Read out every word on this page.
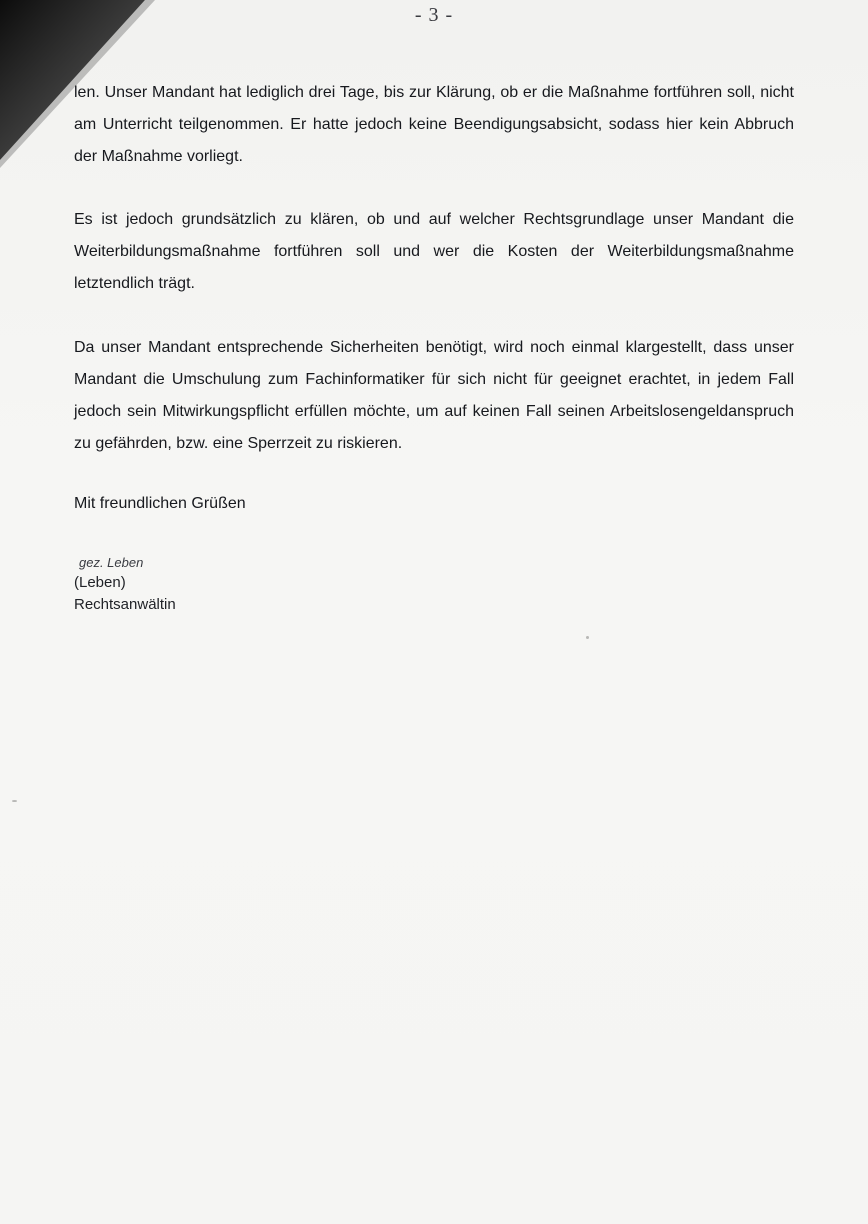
- 3 -

len. Unser Mandant hat lediglich drei Tage, bis zur Klärung, ob er die Maßnahme fortführen soll, nicht am Unterricht teilgenommen. Er hatte jedoch keine Beendigungsabsicht, sodass hier kein Abbruch der Maßnahme vorliegt.

Es ist jedoch grundsätzlich zu klären, ob und auf welcher Rechtsgrundlage unser Mandant die Weiterbildungsmaßnahme fortführen soll und wer die Kosten der Weiterbildungsmaßnahme letztendlich trägt.

Da unser Mandant entsprechende Sicherheiten benötigt, wird noch einmal klargestellt, dass unser Mandant die Umschulung zum Fachinformatiker für sich nicht für geeignet erachtet, in jedem Fall jedoch sein Mitwirkungspflicht erfüllen möchte, um auf keinen Fall seinen Arbeitslosengeldanspruch zu gefährden, bzw. eine Sperrzeit zu riskieren.

Mit freundlichen Grüßen
gez. Leben
(Leben)
Rechtsanwältin
